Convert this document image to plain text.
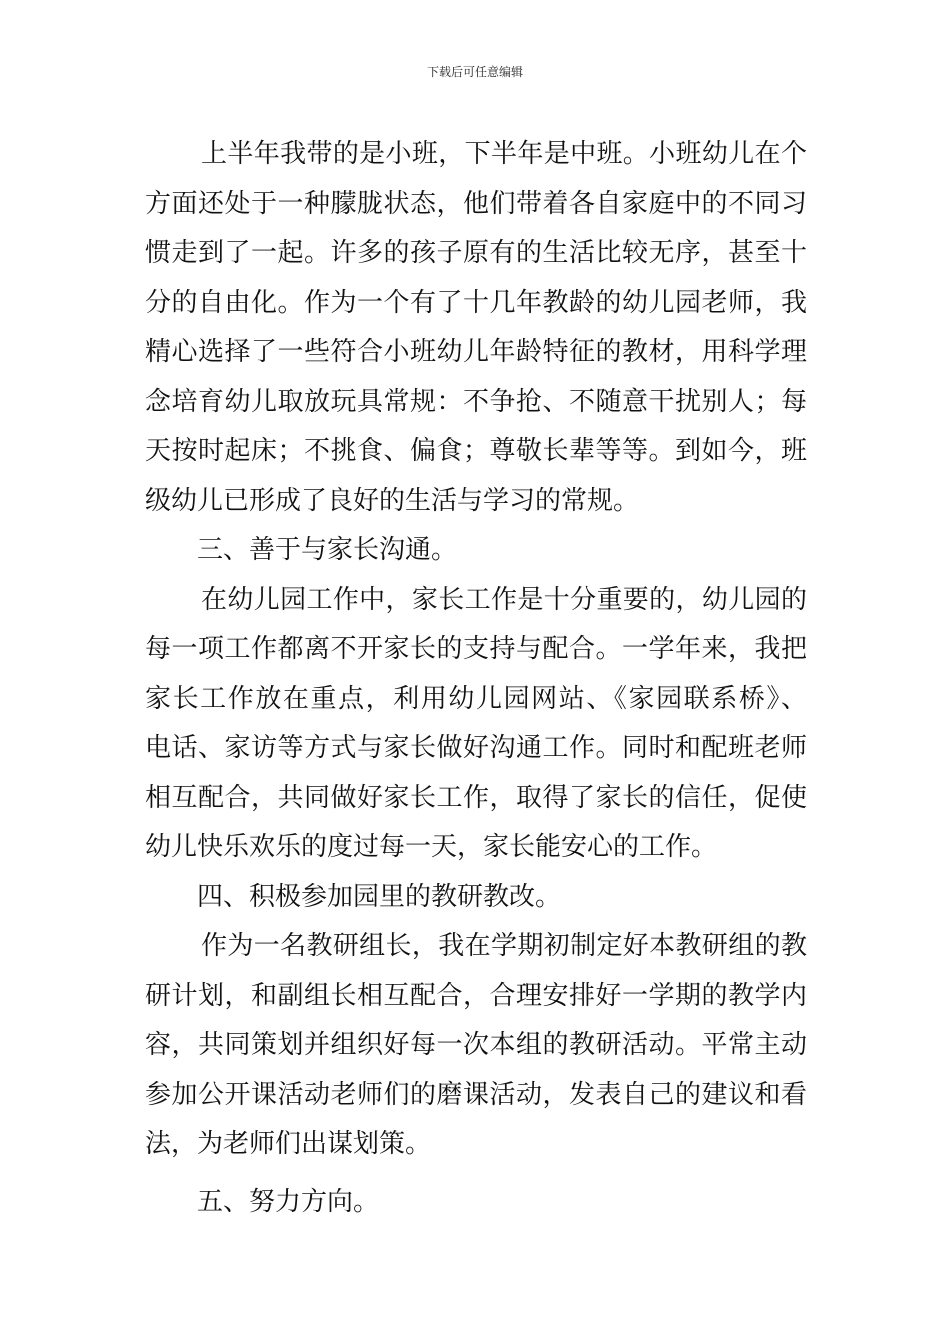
下载后可任意编辑
上半年我带的是小班，下半年是中班。小班幼儿在个
方面还处于一种朦胧状态，他们带着各自家庭中的不同习
惯走到了一起。许多的孩子原有的生活比较无序，甚至十
分的自由化。作为一个有了十几年教龄的幼儿园老师，我
精心选择了一些符合小班幼儿年龄特征的教材，用科学理
念培育幼儿取放玩具常规：不争抢、不随意干扰别人；每
天按时起床；不挑食、偏食；尊敬长辈等等。到如今，班
级幼儿已形成了良好的生活与学习的常规。
三、善于与家长沟通。
在幼儿园工作中，家长工作是十分重要的，幼儿园的
每一项工作都离不开家长的支持与配合。一学年来，我把
家长工作放在重点，利用幼儿园网站、《家园联系桥》、
电话、家访等方式与家长做好沟通工作。同时和配班老师
相互配合，共同做好家长工作，取得了家长的信任，促使
幼儿快乐欢乐的度过每一天，家长能安心的工作。
四、积极参加园里的教研教改。
作为一名教研组长，我在学期初制定好本教研组的教
研计划，和副组长相互配合，合理安排好一学期的教学内
容，共同策划并组织好每一次本组的教研活动。平常主动
参加公开课活动老师们的磨课活动，发表自己的建议和看
法，为老师们出谋划策。
五、努力方向。
